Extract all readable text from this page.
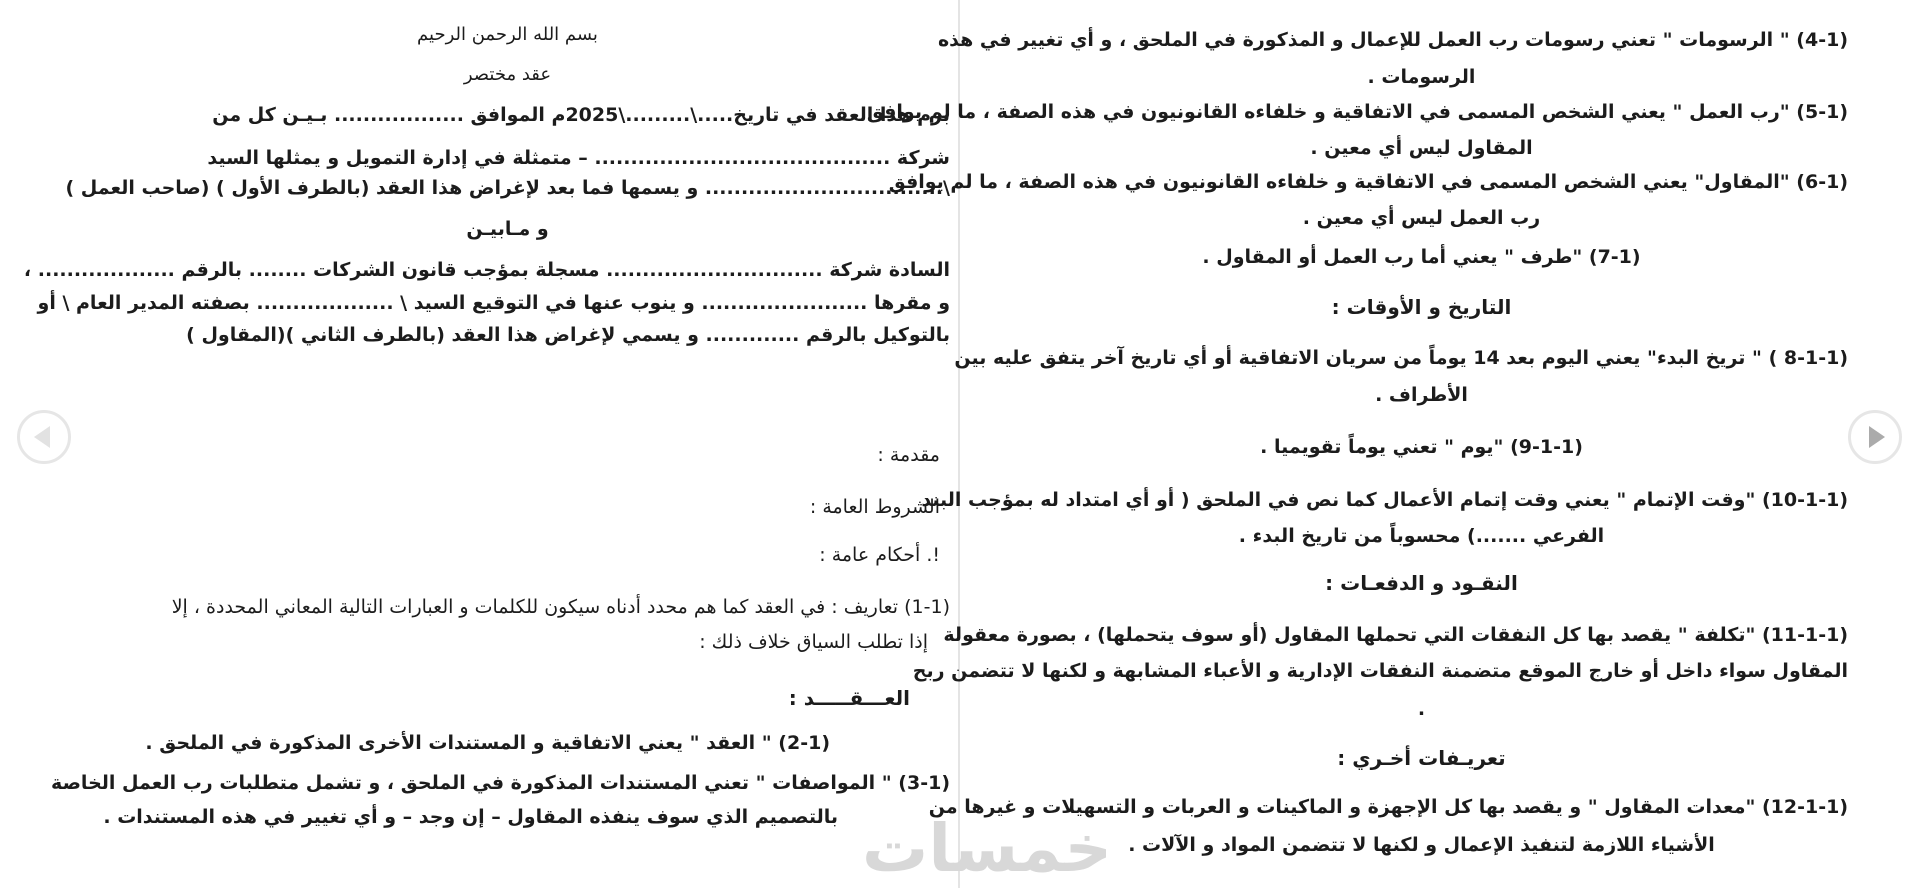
بسم الله الرحمن الرحيم
عقد مختصر
برم هذا العقد في تاريخ.....\.........\2025م الموافق .................. بـيـن كل من
شركة ......................................... – متمثلة في إدارة التمويل و يمثلها السيد
\................................. و يسمها فما بعد لإغراض هذا العقد (بالطرف الأول ) (صاحب العمل )
و مـابيـن
السادة شركة .............................. مسجلة بمؤجب قانون الشركات ........ بالرقم ................... ،
و مقرها ....................... و ينوب عنها في التوقيع السيد \ ................... بصفته المدير العام \ أو
بالتوكيل بالرقم ............. و يسمي لإغراض هذا العقد (بالطرف الثاني )(المقاول )
مقدمة :
الشروط العامة :
!. أحكام عامة :
(1-1) تعاريف : في العقد كما هم محدد أدناه سيكون للكلمات و العبارات التالية المعاني المحددة ، إلا
إذا تطلب السياق خلاف ذلك :
العـــقـــــد :
(2-1) " العقد " يعني الاتفاقية و المستندات الأخرى المذكورة في الملحق .
(3-1) " المواصفات " تعني المستندات المذكورة في الملحق ، و تشمل متطلبات رب العمل الخاصة
بالتصميم الذي سوف ينفذه المقاول – إن وجد – و أي تغيير في هذه المستندات .
(4-1) " الرسومات " تعني رسومات رب العمل للإعمال و المذكورة في الملحق ، و أي تغيير في هذه
الرسومات .
(5-1) "رب العمل " يعني الشخص المسمى في الاتفاقية و خلفاءه القانونيون في هذه الصفة ، ما لم يوافق
المقاول ليس أي معين .
(6-1) "المقاول" يعني الشخص المسمى في الاتفاقية و خلفاءه القانونيون في هذه الصفة ، ما لم يوافق
رب العمل ليس أي معين .
(7-1) "طرف " يعني أما رب العمل أو المقاول .
التاريخ و الأوقات :
(8-1-1 ) " تريخ البدء" يعني اليوم بعد 14 يوماً من سريان الاتفاقية أو أي تاريخ آخر يتفق عليه بين
الأطراف .
(9-1-1) "يوم " تعني يوماً تقويميا .
(10-1-1) "وقت الإتمام " يعني وقت إتمام الأعمال كما نص في الملحق ( أو أي امتداد له بمؤجب البند
الفرعي .......) محسوباً من تاريخ البدء .
النقـود و الدفعـات :
(11-1-1) "تكلفة " يقصد بها كل النفقات التي تحملها المقاول (أو سوف يتحملها) ، بصورة معقولة
المقاول سواء داخل أو خارج الموقع متضمنة النفقات الإدارية و الأعباء المشابهة و لكنها لا تتضمن ربح
.
تعريـفات أخـري :
(12-1-1) "معدات المقاول " و يقصد بها كل الإجهزة و الماكينات و العربات و التسهيلات و غيرها من
الأشياء اللازمة لتنفيذ الإعمال و لكنها لا تتضمن المواد و الآلات .
خمسات
